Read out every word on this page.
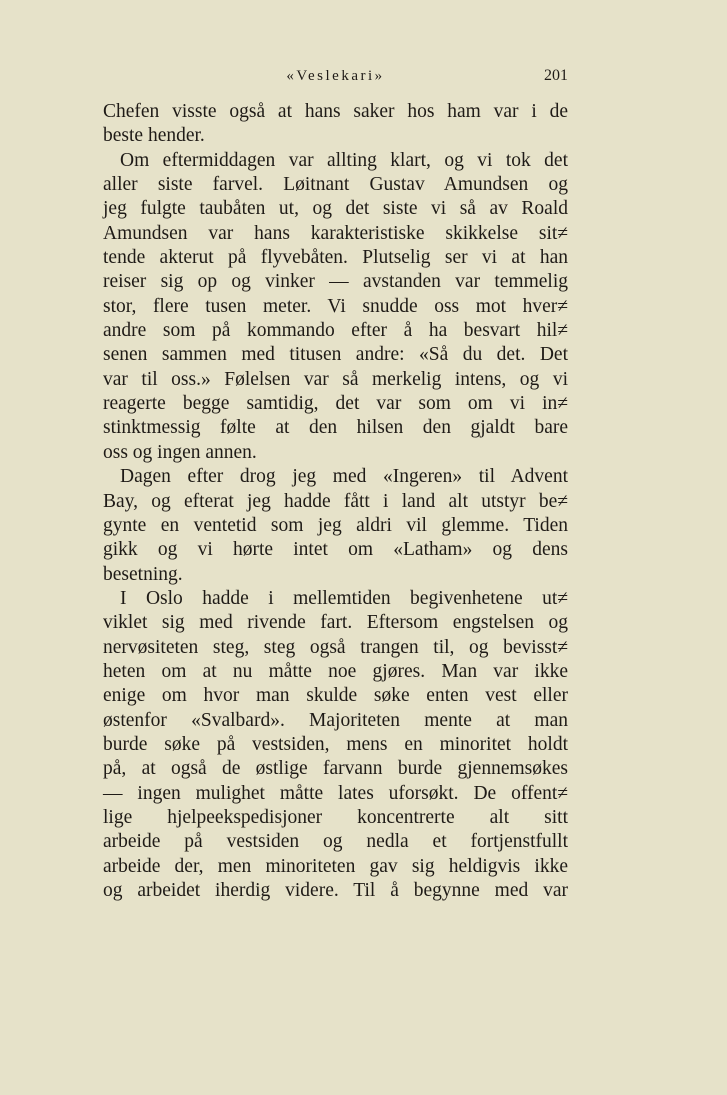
«Veslekari»	201
Chefen visste også at hans saker hos ham var i de
beste hender.
Om eftermiddagen var allting klart, og vi tok det
aller siste farvel. Løitnant Gustav Amundsen og
jeg fulgte taubåten ut, og det siste vi så av Roald
Amundsen var hans karakteristiske skikkelse sit≠
tende akterut på flyvebåten. Plutselig ser vi at han
reiser sig op og vinker — avstanden var temmelig
stor, flere tusen meter. Vi snudde oss mot hver≠
andre som på kommando efter å ha besvart hil≠
senen sammen med titusen andre: «Så du det. Det
var til oss.» Følelsen var så merkelig intens, og vi
reagerte begge samtidig, det var som om vi in≠
stinktmessig følte at den hilsen den gjaldt bare
oss og ingen annen.
Dagen efter drog jeg med «Ingeren» til Advent
Bay, og efterat jeg hadde fått i land alt utstyr be≠
gynte en ventetid som jeg aldri vil glemme. Tiden
gikk og vi hørte intet om «Latham» og dens
besetning.
I Oslo hadde i mellemtiden begivenhetene ut≠
viklet sig med rivende fart. Eftersom engstelsen og
nervøsiteten steg, steg også trangen til, og bevisst≠
heten om at nu måtte noe gjøres. Man var ikke
enige om hvor man skulde søke enten vest eller
østenfor «Svalbard». Majoriteten mente at man
burde søke på vestsiden, mens en minoritet holdt
på, at også de østlige farvann burde gjennemsøkes
— ingen mulighet måtte lates uforsøkt. De offent≠
lige hjelpeekspedisjoner koncentrerte alt sitt
arbeide på vestsiden og nedla et fortjenstfullt
arbeide der, men minoriteten gav sig heldigvis ikke
og arbeidet iherdig videre. Til å begynne med var
